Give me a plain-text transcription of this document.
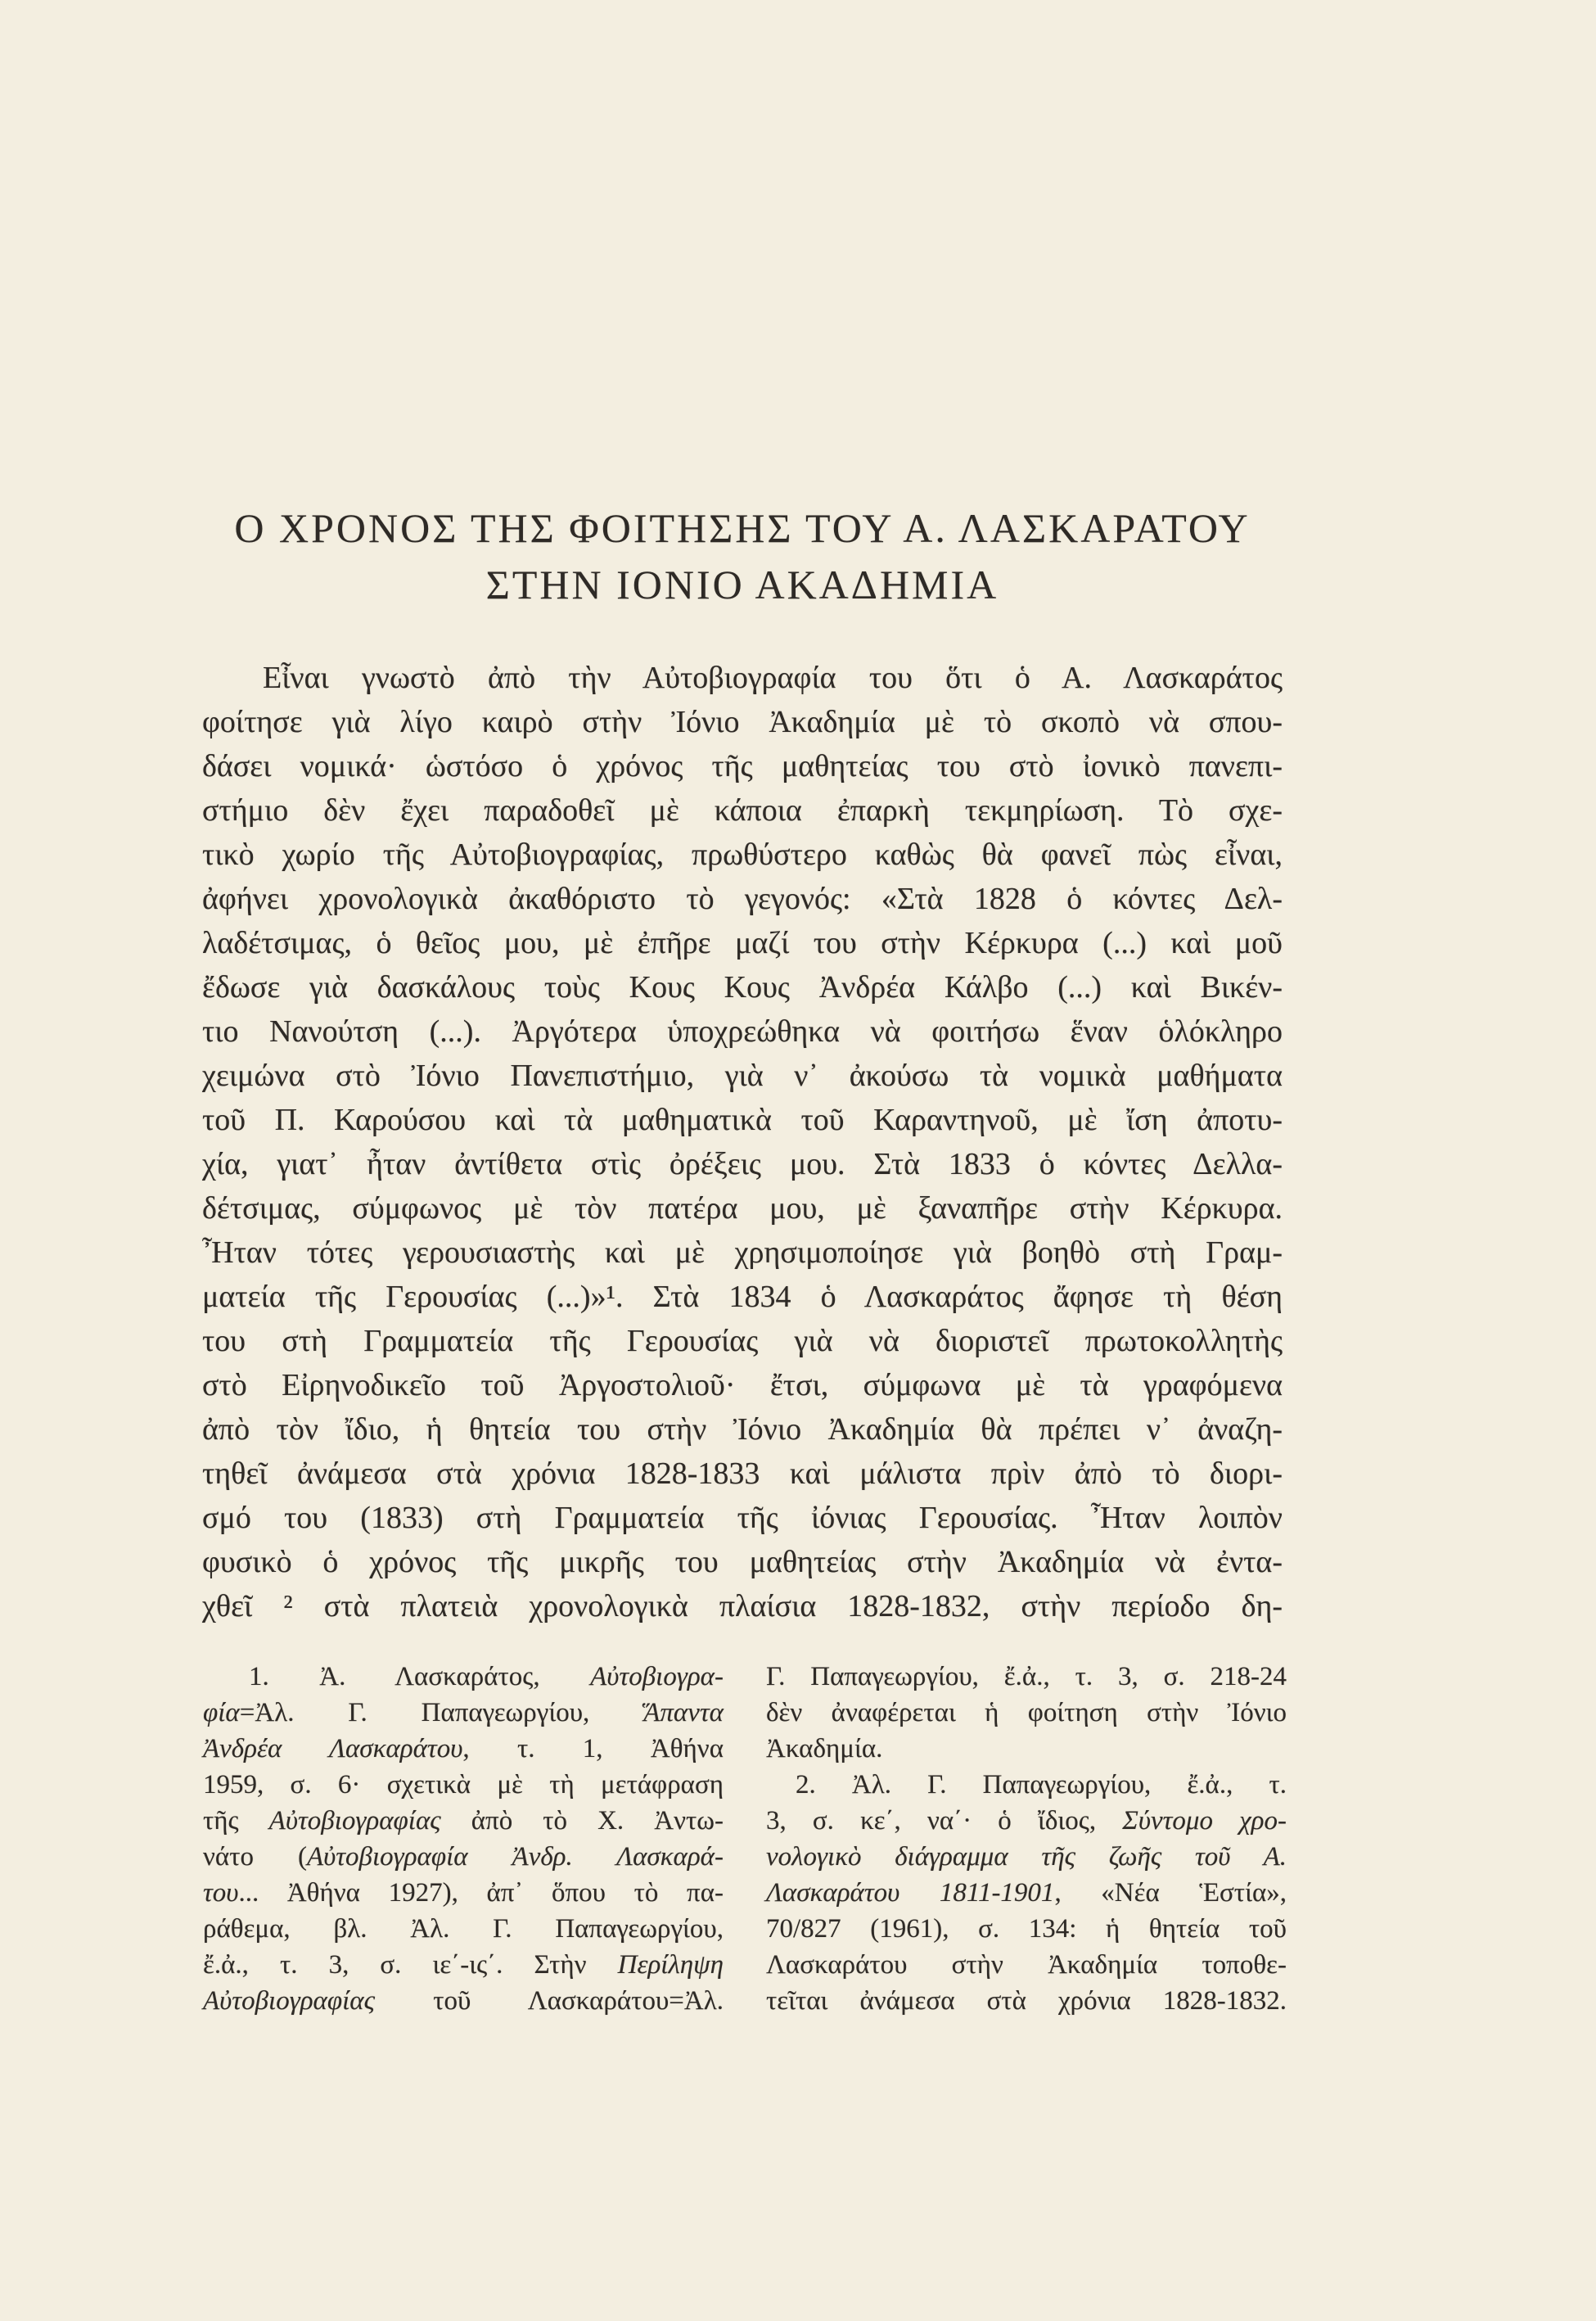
Ο ΧΡΟΝΟΣ ΤΗΣ ΦΟΙΤΗΣΗΣ ΤΟΥ Α. ΛΑΣΚΑΡΑΤΟΥ
ΣΤΗΝ ΙΟΝΙΟ ΑΚΑΔΗΜΙΑ
Εἶναι γνωστὸ ἀπὸ τὴν Αὐτοβιογραφία του ὅτι ὁ Α. Λασκαράτος
φοίτησε γιὰ λίγο καιρὸ στὴν Ἰόνιο Ἀκαδημία μὲ τὸ σκοπὸ νὰ σπου-
δάσει νομικά· ὡστόσο ὁ χρόνος τῆς μαθητείας του στὸ ἰονικὸ πανεπι-
στήμιο δὲν ἔχει παραδοθεῖ μὲ κάποια ἐπαρκὴ τεκμηρίωση. Τὸ σχε-
τικὸ χωρίο τῆς Αὐτοβιογραφίας, πρωθύστερο καθὼς θὰ φανεῖ πὼς εἶναι,
ἀφήνει χρονολογικὰ ἀκαθόριστο τὸ γεγονός: «Στὰ 1828 ὁ κόντες Δελ-
λαδέτσιμας, ὁ θεῖος μου, μὲ ἐπῆρε μαζί του στὴν Κέρκυρα (...) καὶ μοῦ
ἔδωσε γιὰ δασκάλους τοὺς Κους Κους Ἀνδρέα Κάλβο (...) καὶ Βικέν-
τιο Νανούτση (...). Ἀργότερα ὑποχρεώθηκα νὰ φοιτήσω ἕναν ὁλόκληρο
χειμώνα στὸ Ἰόνιο Πανεπιστήμιο, γιὰ ν᾿ ἀκούσω τὰ νομικὰ μαθήματα
τοῦ Π. Καρούσου καὶ τὰ μαθηματικὰ τοῦ Καραντηνοῦ, μὲ ἴση ἀποτυ-
χία, γιατ᾿ ἦταν ἀντίθετα στὶς ὀρέξεις μου. Στὰ 1833 ὁ κόντες Δελλα-
δέτσιμας, σύμφωνος μὲ τὸν πατέρα μου, μὲ ξαναπῆρε στὴν Κέρκυρα.
Ἦταν τότες γερουσιαστὴς καὶ μὲ χρησιμοποίησε γιὰ βοηθὸ στὴ Γραμ-
ματεία τῆς Γερουσίας (...)»¹. Στὰ 1834 ὁ Λασκαράτος ἄφησε τὴ θέση
του στὴ Γραμματεία τῆς Γερουσίας γιὰ νὰ διοριστεῖ πρωτοκολλητὴς
στὸ Εἰρηνοδικεῖο τοῦ Ἀργοστολιοῦ· ἔτσι, σύμφωνα μὲ τὰ γραφόμενα
ἀπὸ τὸν ἴδιο, ἡ θητεία του στὴν Ἰόνιο Ἀκαδημία θὰ πρέπει ν᾿ ἀναζη-
τηθεῖ ἀνάμεσα στὰ χρόνια 1828-1833 καὶ μάλιστα πρὶν ἀπὸ τὸ διορι-
σμό του (1833) στὴ Γραμματεία τῆς ἰόνιας Γερουσίας. Ἦταν λοιπὸν
φυσικὸ ὁ χρόνος τῆς μικρῆς του μαθητείας στὴν Ἀκαδημία νὰ ἐντα-
χθεῖ ² στὰ πλατειὰ χρονολογικὰ πλαίσια 1828-1832, στὴν περίοδο δη-
1. Ἀ. Λασκαράτος, Αὐτοβιογρα-
φία=Ἀλ. Γ. Παπαγεωργίου, Ἅπαντα
Ἀνδρέα Λασκαράτου, τ. 1, Ἀθήνα
1959, σ. 6· σχετικὰ μὲ τὴ μετάφραση
τῆς Αὐτοβιογραφίας ἀπὸ τὸ Χ. Ἀντω-
νάτο (Αὐτοβιογραφία Ἀνδρ. Λασκαρά-
του... Ἀθήνα 1927), ἀπ᾿ ὅπου τὸ πα-
ράθεμα, βλ. Ἀλ. Γ. Παπαγεωργίου,
ἔ.ἀ., τ. 3, σ. ιε΄-ις΄. Στὴν Περίληψη
Αὐτοβιογραφίας τοῦ Λασκαράτου=Ἀλ.
Γ. Παπαγεωργίου, ἔ.ἀ., τ. 3, σ. 218-24
δὲν ἀναφέρεται ἡ φοίτηση στὴν Ἰόνιο
Ἀκαδημία.
2. Ἀλ. Γ. Παπαγεωργίου, ἔ.ἀ., τ.
3, σ. κε΄, να΄· ὁ ἴδιος, Σύντομο χρο-
νολογικὸ διάγραμμα τῆς ζωῆς τοῦ Α.
Λασκαράτου 1811-1901, «Νέα Ἑστία»,
70/827 (1961), σ. 134: ἡ θητεία τοῦ
Λασκαράτου στὴν Ἀκαδημία τοποθε-
τεῖται ἀνάμεσα στὰ χρόνια 1828-1832.
